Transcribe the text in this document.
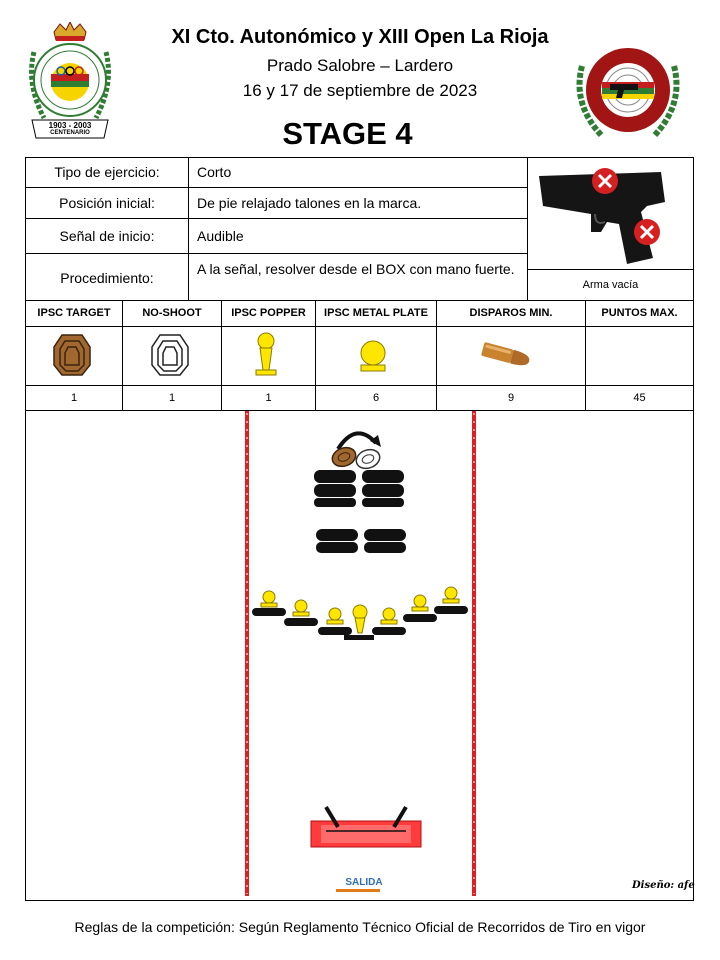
XI Cto. Autonómico y XIII Open La Rioja
Prado Salobre – Lardero
16 y 17 de septiembre de 2023
STAGE 4
1903 - 2003
CENTENARIO
Tipo de ejercicio:	Corto
Posición inicial:	De pie relajado talones en la marca.
Señal de inicio:	Audible
Procedimiento:
A la señal, resolver desde el BOX con mano fuerte.
Arma vacía
IPSC TARGET	NO-SHOOT	IPSC POPPER	IPSC METAL PLATE	DISPAROS MIN.	PUNTOS MAX.
1	1	1	6	9	45
SALIDA	Diseño: afe
Reglas de la competición: Según Reglamento Técnico Oficial de Recorridos de Tiro en vigor
